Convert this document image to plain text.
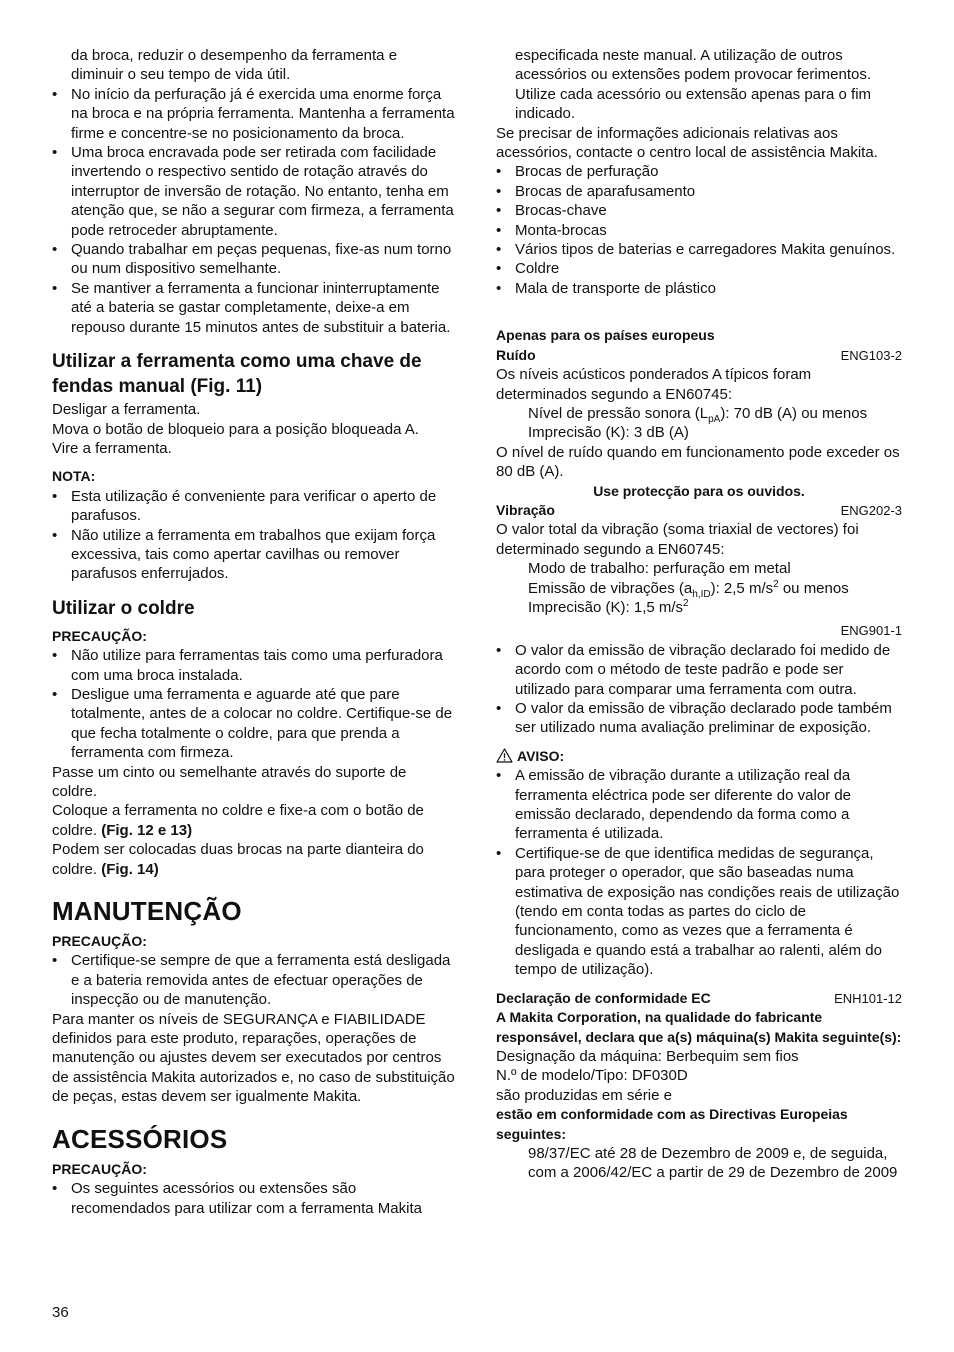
da broca, reduzir o desempenho da ferramenta e

diminuir o seu tempo de vida útil.

• No início da perfuração já é exercida uma enorme força na broca e na própria ferramenta. Mantenha a ferramenta firme e concentre-se no posicionamento da broca.
• Uma broca encravada pode ser retirada com facilidade invertendo o respectivo sentido de rotação através do interruptor de inversão de rotação. No entanto, tenha em atenção que, se não a segurar com firmeza, a ferramenta pode retroceder abruptamente.
• Quando trabalhar em peças pequenas, fixe-as num torno ou num dispositivo semelhante.
• Se mantiver a ferramenta a funcionar ininterruptamente até a bateria se gastar completamente, deixe-a em repouso durante 15 minutos antes de substituir a bateria.
Utilizar a ferramenta como uma chave de fendas manual (Fig. 11)

Desligar a ferramenta.

Mova o botão de bloqueio para a posição bloqueada A.

Vire a ferramenta.

NOTA:
• Esta utilização é conveniente para verificar o aperto de parafusos.
• Não utilize a ferramenta em trabalhos que exijam força excessiva, tais como apertar cavilhas ou remover parafusos enferrujados.
Utilizar o coldre
PRECAUÇÃO:
• Não utilize para ferramentas tais como uma perfuradora com uma broca instalada.
• Desligue uma ferramenta e aguarde até que pare totalmente, antes de a colocar no coldre. Certifique-se de que fecha totalmente o coldre, para que prenda a ferramenta com firmeza.

Passe um cinto ou semelhante através do suporte de coldre.

Coloque a ferramenta no coldre e fixe-a com o botão de coldre. (Fig. 12 e 13)

Podem ser colocadas duas brocas na parte dianteira do coldre. (Fig. 14)

MANUTENÇÃO
PRECAUÇÃO:
• Certifique-se sempre de que a ferramenta está desligada e a bateria removida antes de efectuar operações de inspecção ou de manutenção.

Para manter os níveis de SEGURANÇA e FIABILIDADE definidos para este produto, reparações, operações de manutenção ou ajustes devem ser executados por centros de assistência Makita autorizados e, no caso de substituição de peças, estas devem ser igualmente Makita.

ACESSÓRIOS
PRECAUÇÃO:
• Os seguintes acessórios ou extensões são recomendados para utilizar com a ferramenta Makita

especificada neste manual. A utilização de outros acessórios ou extensões podem provocar ferimentos. Utilize cada acessório ou extensão apenas para o fim indicado.

Se precisar de informações adicionais relativas aos acessórios, contacte o centro local de assistência Makita.

• Brocas de perfuração
• Brocas de aparafusamento
• Brocas-chave
• Monta-brocas
• Vários tipos de baterias e carregadores Makita genuínos.
• Coldre
• Mala de transporte de plástico
Apenas para os países europeus
ENG103-2
Ruído

Os níveis acústicos ponderados A típicos foram determinados segundo a EN60745:

Nível de pressão sonora $(L_{pA})$: 70 dB (A) ou menos

Imprecisão (K): 3 dB (A)

O nível de ruído quando em funcionamento pode exceder os 80 dB (A).

Use protecção para os ouvidos.
ENG202-3
Vibração

O valor total da vibração (soma triaxial de vectores) foi determinado segundo a EN60745:

Modo de trabalho: perfuração em metal

Emissão de vibrações $(a_{h,ID})$: 2,5 $m/s^2$ ou menos

Imprecisão (K): 1,5 $m/s^2$

ENG901-1
• O valor da emissão de vibração declarado foi medido de acordo com o método de teste padrão e pode ser utilizado para comparar uma ferramenta com outra.
• O valor da emissão de vibração declarado pode também ser utilizado numa avaliação preliminar de exposição.
AVISO:
• A emissão de vibração durante a utilização real da ferramenta eléctrica pode ser diferente do valor de emissão declarado, dependendo da forma como a ferramenta é utilizada.
• Certifique-se de que identifica medidas de segurança, para proteger o operador, que são baseadas numa estimativa de exposição nas condições reais de utilização (tendo em conta todas as partes do ciclo de funcionamento, como as vezes que a ferramenta é desligada e quando está a trabalhar ao ralenti, além do tempo de utilização).
ENH101-12
Declaração de conformidade EC
A Makita Corporation, na qualidade do fabricante responsável, declara que a(s) máquina(s) Makita seguinte(s):

Designação da máquina: Berbequim sem fios

N.º de modelo/Tipo: DF030D

são produzidas em série e

estão em conformidade com as Directivas Europeias seguintes:

98/37/EC até 28 de Dezembro de 2009 e, de seguida, com a 2006/42/EC a partir de 29 de Dezembro de 2009

36
